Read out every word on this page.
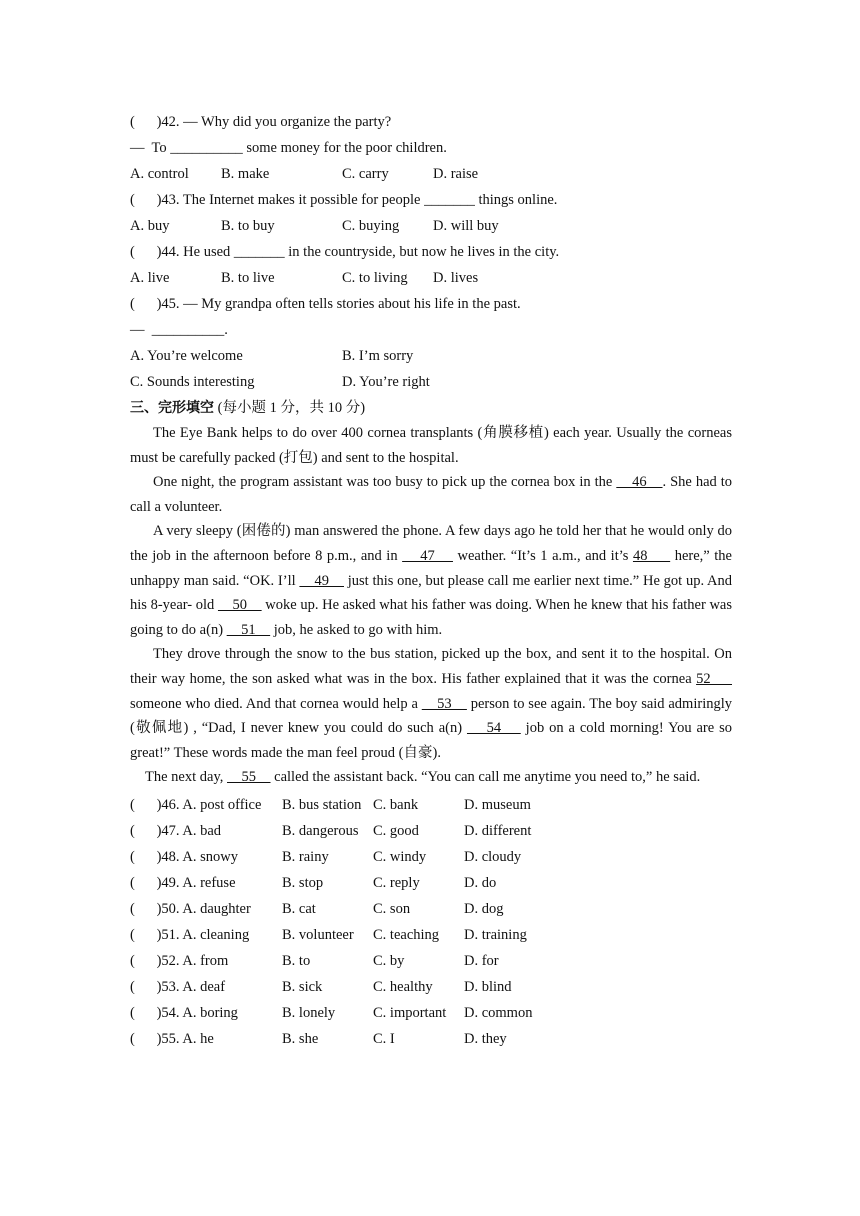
(      )42. — Why did you organize the party?
—  To __________ some money for the poor children.
A. control B. make	C. carry	D. raise
(      )43. The Internet makes it possible for people _______ things online.
A. buy	B. to buy	C. buying D. will buy
(      )44. He used _______ in the countryside, but now he lives in the city.
A. live	B. to live	C. to living D. lives
(      )45. — My grandpa often tells stories about his life in the past.
—  __________.
A. You’re welcome	B. I’m sorry
C. Sounds interesting	D. You’re right
三、完形填空 (每小题 1 分，共 10 分)

The Eye Bank helps to do over 400 cornea transplants (角膜移植) each year. Usually the corneas must be carefully packed (打包) and sent to the hospital.

One night, the program assistant was too busy to pick up the cornea box in the     46    . She had to call a volunteer.

A very sleepy (困倦的) man answered the phone. A few days ago he told her that he would only do the job in the afternoon before 8 p.m., and in     47     weather. “It’s 1 a.m., and it’s 48      here,” the unhappy man said. “OK. I’ll     49     just this one, but please call me earlier next time.” He got up. And his 8-year- old     50     woke up. He asked what his father was doing. When he knew that his father was going to do a(n)     51     job, he asked to go with him.

They drove through the snow to the bus station, picked up the box, and sent it to the hospital. On their way home, the son asked what was in the box. His father explained that it was the cornea 52      someone who died. And that cornea would help a     53     person to see again. The boy said admiringly (敬佩地) , “Dad, I never knew you could do such a(n)     54     job on a cold morning! You are so great!” These words made the man feel proud (自豪).

The next day,     55     called the assistant back. “You can call me anytime you need to,” he said.

(      )46. A. post office B. bus station C. bank	D. museum
(      )47. A. bad	B. dangerous C. good	D. different
(      )48. A. snowy	B. rainy	C. windy	D. cloudy
(      )49. A. refuse	B. stop	C. reply	D. do
(      )50. A. daughter B. cat	C. son	D. dog
(      )51. A. cleaning B. volunteer C. teaching D. training
(      )52. A. from	B. to	C. by	D. for
(      )53. A. deaf	B. sick	C. healthy D. blind
(      )54. A. boring	B. lonely	C. important D. common
(      )55. A. he	B. she	C. I	D. they
